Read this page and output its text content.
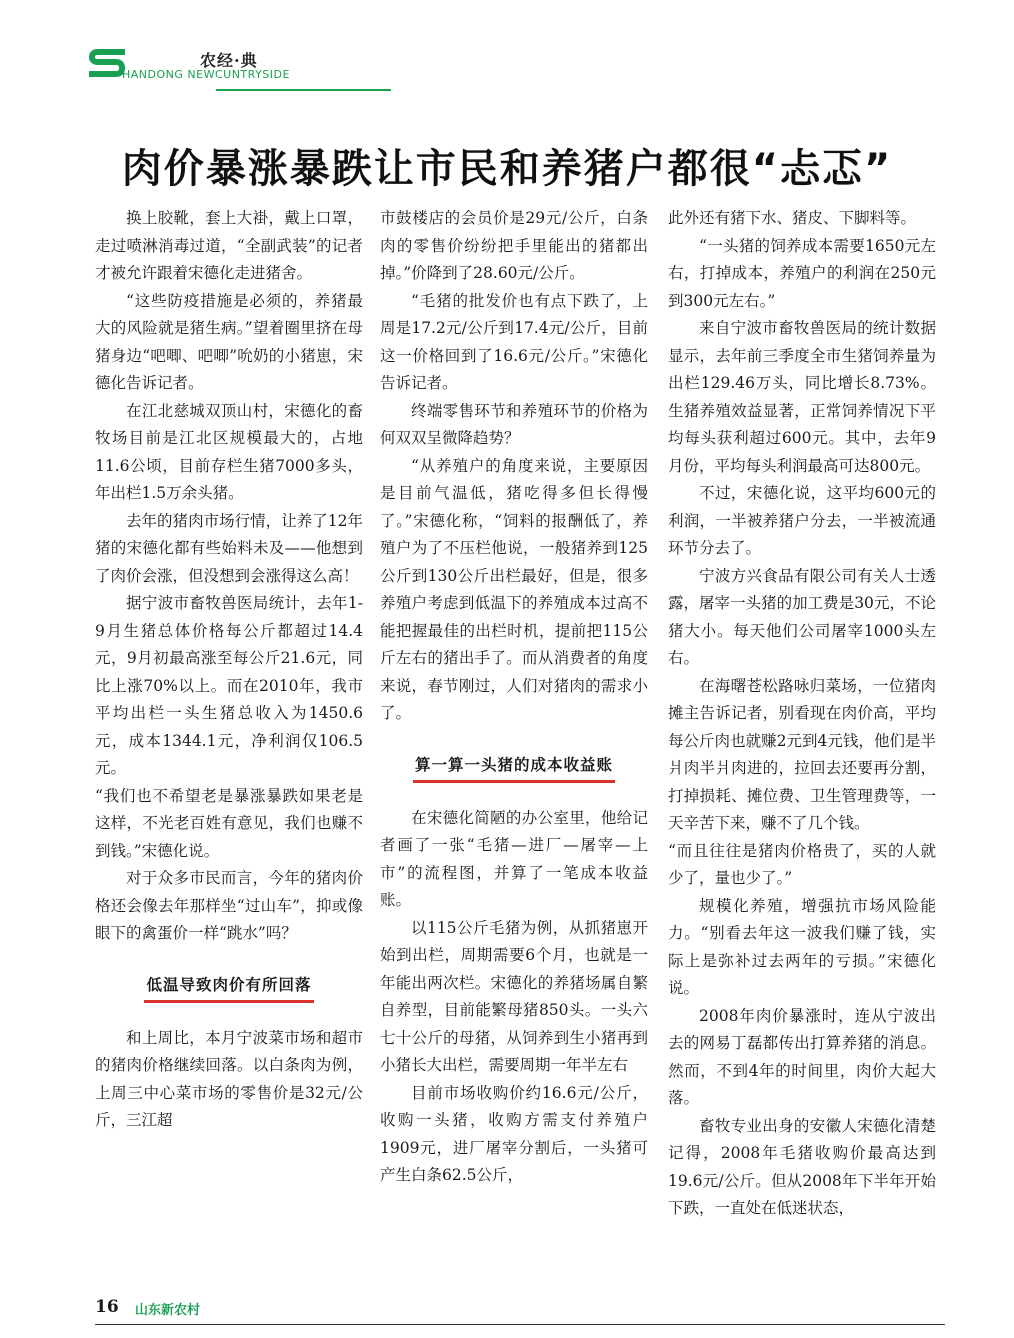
农经·典
HANDONG NEWCUNTRYSIDE
肉价暴涨暴跌让市民和养猪户都很“忐忑”

换上胶靴，套上大褂，戴上口罩，走过喷淋消毒过道，“全副武装”的记者才被允许跟着宋德化走进猪舍。

“这些防疫措施是必须的，养猪最大的风险就是猪生病。”望着圈里挤在母猪身边“吧唧、吧唧”吮奶的小猪崽，宋德化告诉记者。

在江北慈城双顶山村，宋德化的畜牧场目前是江北区规模最大的，占地11.6公顷，目前存栏生猪7000多头，年出栏1.5万余头猪。

去年的猪肉市场行情，让养了12年猪的宋德化都有些始料未及——他想到了肉价会涨，但没想到会涨得这么高！

据宁波市畜牧兽医局统计，去年1-9月生猪总体价格每公斤都超过14.4元，9月初最高涨至每公斤21.6元，同比上涨70%以上。而在2010年，我市平均出栏一头生猪总收入为1450.6元，成本1344.1元，净利润仅106.5元。

“我们也不希望老是暴涨暴跌如果老是这样，不光老百姓有意见，我们也赚不到钱。”宋德化说。

对于众多市民而言，今年的猪肉价格还会像去年那样坐“过山车”，抑或像眼下的禽蛋价一样“跳水”吗？

低温导致肉价有所回落

和上周比，本月宁波菜市场和超市的猪肉价格继续回落。以白条肉为例，上周三中心菜市场的零售价是32元/公斤，三江超

市鼓楼店的会员价是29元/公斤，白条肉的零售价纷纷把手里能出的猪都出掉。”价降到了28.60元/公斤。

“毛猪的批发价也有点下跌了，上周是17.2元/公斤到17.4元/公斤，目前这一价格回到了16.6元/公斤。”宋德化告诉记者。

终端零售环节和养殖环节的价格为何双双呈微降趋势？

“从养殖户的角度来说，主要原因是目前气温低，猪吃得多但长得慢了。”宋德化称，“饲料的报酬低了，养殖户为了不压栏他说，一般猪养到125公斤到130公斤出栏最好，但是，很多养殖户考虑到低温下的养殖成本过高不能把握最佳的出栏时机，提前把115公斤左右的猪出手了。而从消费者的角度来说，春节刚过，人们对猪肉的需求小了。

算一算一头猪的成本收益账

在宋德化简陋的办公室里，他给记者画了一张“毛猪—进厂—屠宰—上市”的流程图，并算了一笔成本收益账。

以115公斤毛猪为例，从抓猪崽开始到出栏，周期需要6个月，也就是一年能出两次栏。宋德化的养猪场属自繁自养型，目前能繁母猪850头。一头六七十公斤的母猪，从饲养到生小猪再到小猪长大出栏，需要周期一年半左右

目前市场收购价约16.6元/公斤，收购一头猪，收购方需支付养殖户1909元，进厂屠宰分割后，一头猪可产生白条62.5公斤，

此外还有猪下水、猪皮、下脚料等。

“一头猪的饲养成本需要1650元左右，打掉成本，养殖户的利润在250元到300元左右。”

来自宁波市畜牧兽医局的统计数据显示，去年前三季度全市生猪饲养量为出栏129.46万头，同比增长8.73%。生猪养殖效益显著，正常饲养情况下平均每头获利超过600元。其中，去年9月份，平均每头利润最高可达800元。

不过，宋德化说，这平均600元的利润，一半被养猪户分去，一半被流通环节分去了。

宁波方兴食品有限公司有关人士透露，屠宰一头猪的加工费是30元，不论猪大小。每天他们公司屠宰1000头左右。

在海曙苍松路咏归菜场，一位猪肉摊主告诉记者，别看现在肉价高，平均每公斤肉也就赚2元到4元钱，他们是半爿肉半爿肉进的，拉回去还要再分割，打掉损耗、摊位费、卫生管理费等，一天辛苦下来，赚不了几个钱。

“而且往往是猪肉价格贵了，买的人就少了，量也少了。”

规模化养殖，增强抗市场风险能力。“别看去年这一波我们赚了钱，实际上是弥补过去两年的亏损。”宋德化说。

2008年肉价暴涨时，连从宁波出去的网易丁磊都传出打算养猪的消息。然而，不到4年的时间里，肉价大起大落。

畜牧专业出身的安徽人宋德化清楚记得，2008年毛猪收购价最高达到19.6元/公斤。但从2008年下半年开始下跌，一直处在低迷状态，

16 山东新农村
